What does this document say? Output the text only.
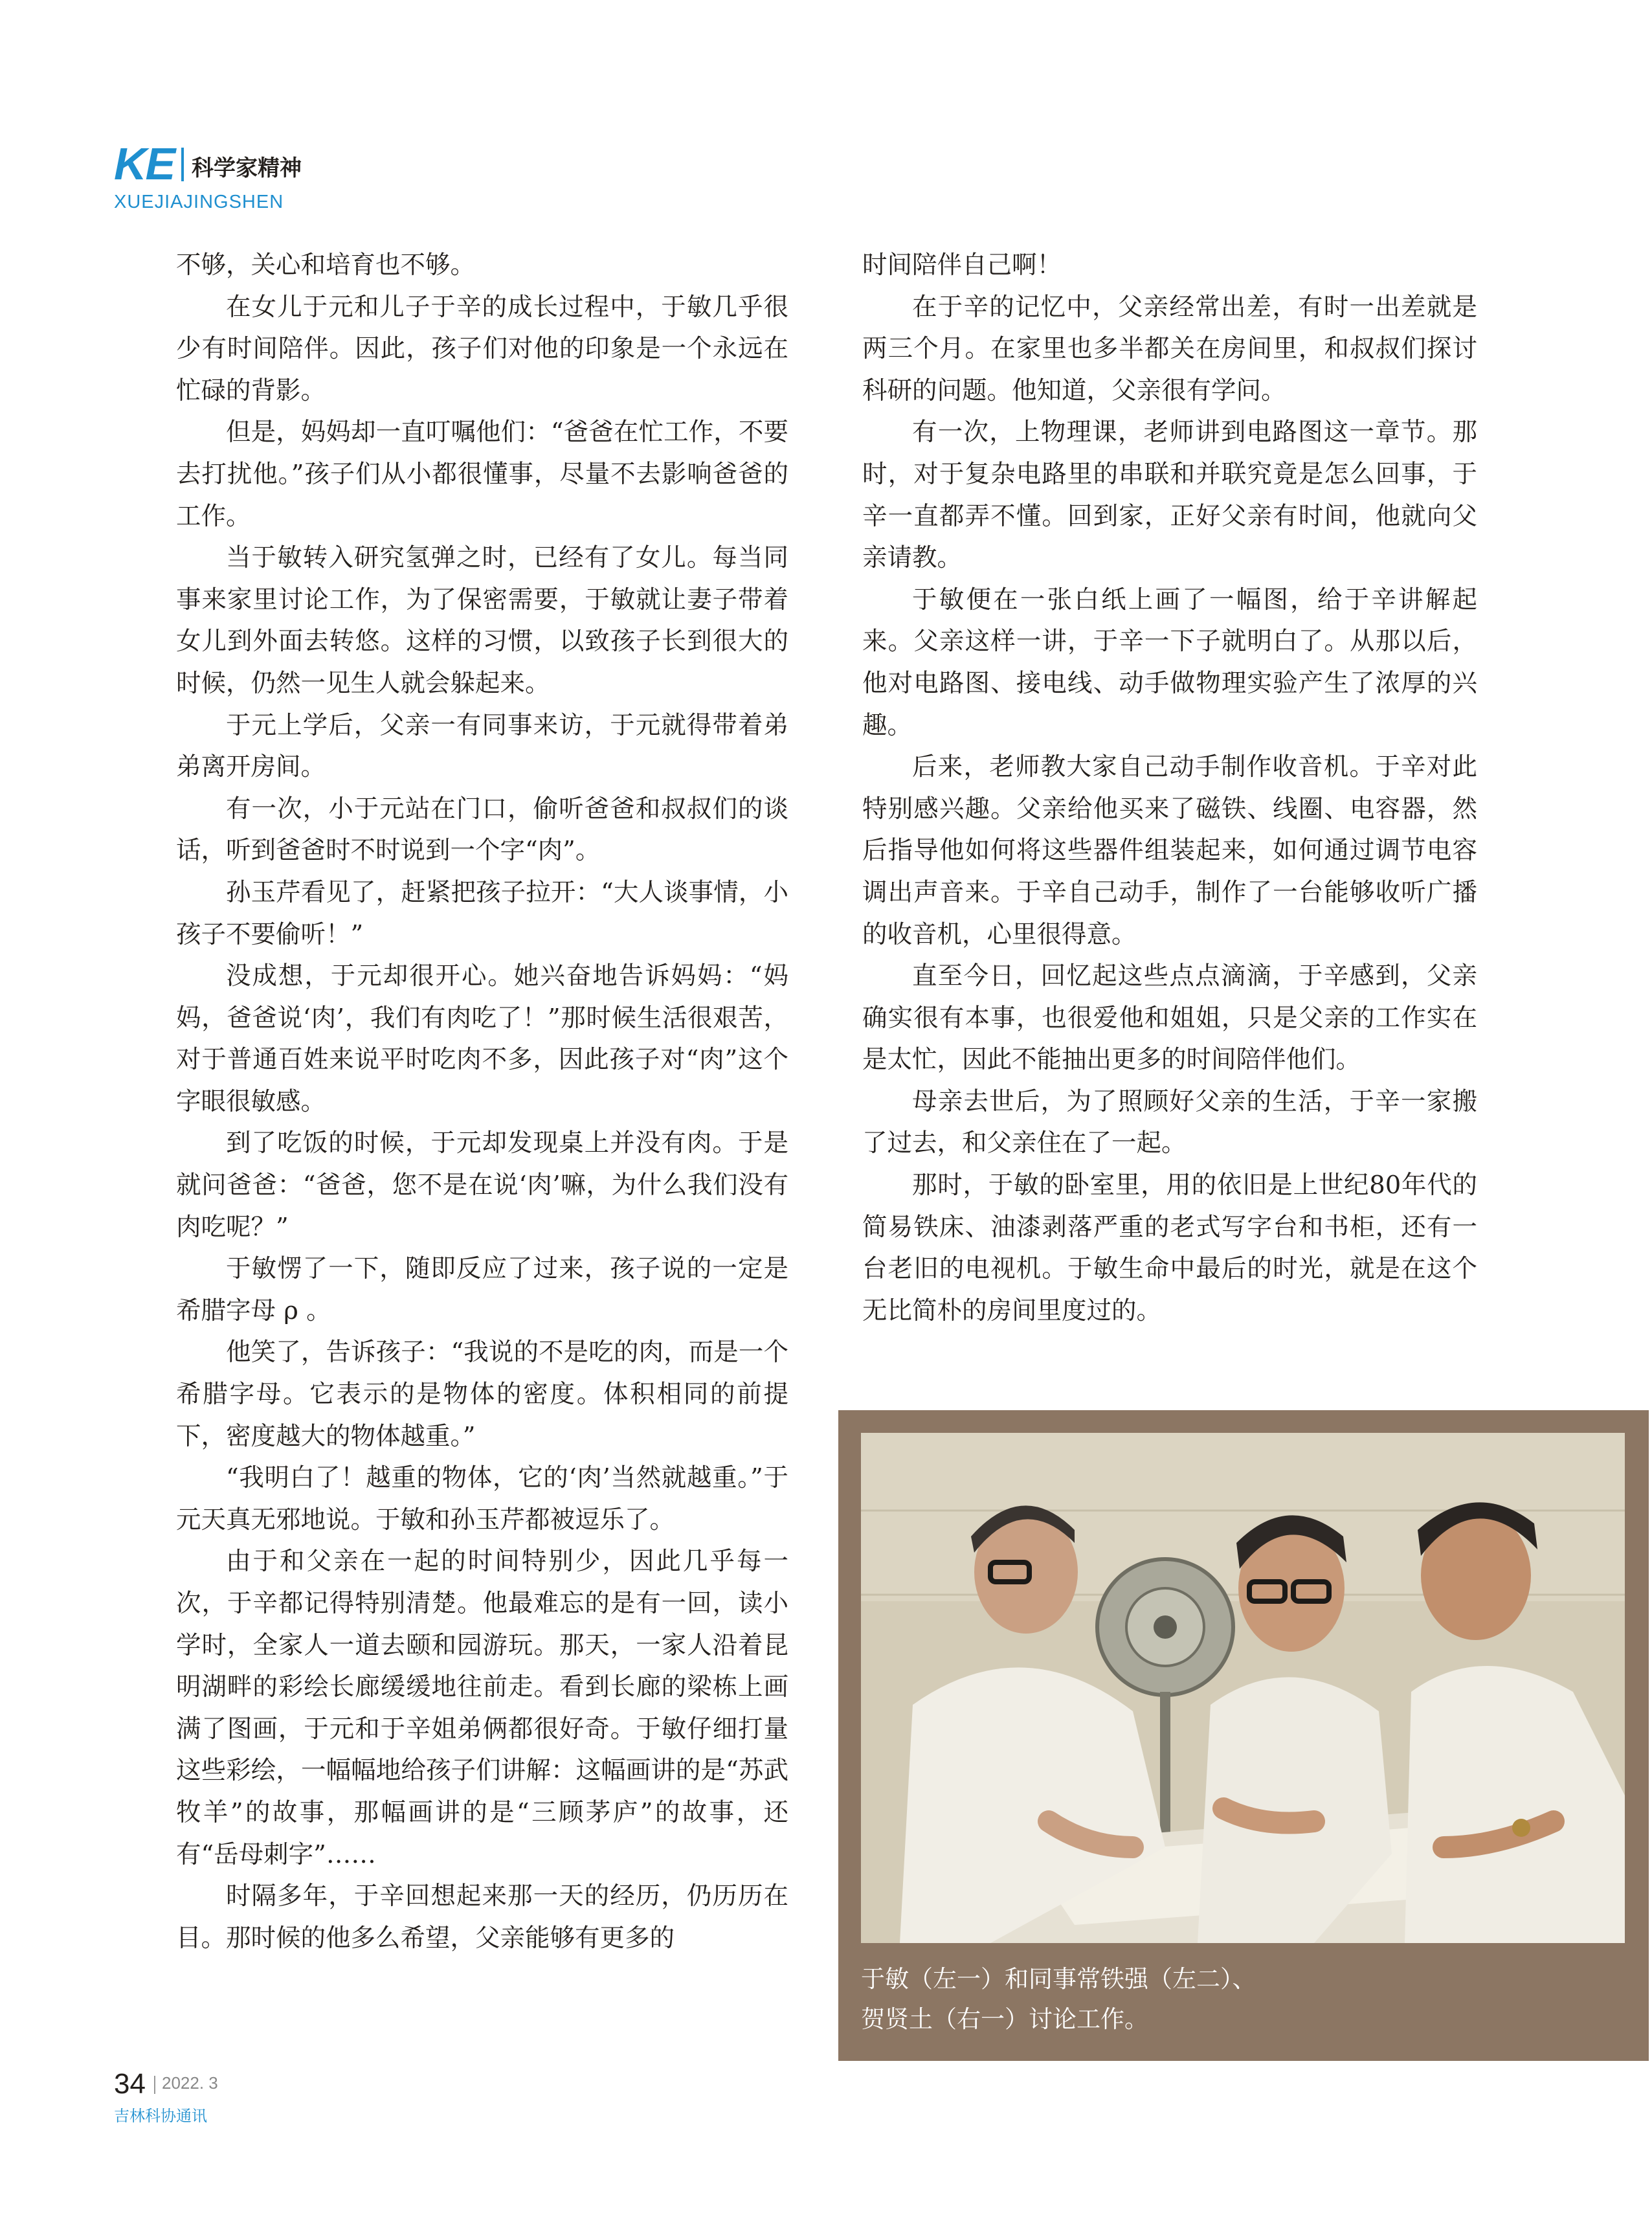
KE 科学家精神
XUEJIAJINGSHEN

不够，关心和培育也不够。

在女儿于元和儿子于辛的成长过程中，于敏几乎很少有时间陪伴。因此，孩子们对他的印象是一个永远在忙碌的背影。

但是，妈妈却一直叮嘱他们：“爸爸在忙工作，不要去打扰他。”孩子们从小都很懂事，尽量不去影响爸爸的工作。

当于敏转入研究氢弹之时，已经有了女儿。每当同事来家里讨论工作，为了保密需要，于敏就让妻子带着女儿到外面去转悠。这样的习惯，以致孩子长到很大的时候，仍然一见生人就会躲起来。

于元上学后，父亲一有同事来访，于元就得带着弟弟离开房间。

有一次，小于元站在门口，偷听爸爸和叔叔们的谈话，听到爸爸时不时说到一个字“肉”。

孙玉芹看见了，赶紧把孩子拉开：“大人谈事情，小孩子不要偷听！”

没成想，于元却很开心。她兴奋地告诉妈妈：“妈妈，爸爸说‘肉’，我们有肉吃了！”那时候生活很艰苦，对于普通百姓来说平时吃肉不多，因此孩子对“肉”这个字眼很敏感。

到了吃饭的时候，于元却发现桌上并没有肉。于是就问爸爸：“爸爸，您不是在说‘肉’嘛，为什么我们没有肉吃呢？”

于敏愣了一下，随即反应了过来，孩子说的一定是希腊字母 ρ 。

他笑了，告诉孩子：“我说的不是吃的肉，而是一个希腊字母。它表示的是物体的密度。体积相同的前提下，密度越大的物体越重。”

“我明白了！越重的物体，它的‘肉’当然就越重。”于元天真无邪地说。于敏和孙玉芹都被逗乐了。

由于和父亲在一起的时间特别少，因此几乎每一次，于辛都记得特别清楚。他最难忘的是有一回，读小学时，全家人一道去颐和园游玩。那天，一家人沿着昆明湖畔的彩绘长廊缓缓地往前走。看到长廊的梁栋上画满了图画，于元和于辛姐弟俩都很好奇。于敏仔细打量这些彩绘，一幅幅地给孩子们讲解：这幅画讲的是“苏武牧羊”的故事，那幅画讲的是“三顾茅庐”的故事，还有“岳母刺字”……

时隔多年，于辛回想起来那一天的经历，仍历历在目。那时候的他多么希望，父亲能够有更多的

时间陪伴自己啊！

在于辛的记忆中，父亲经常出差，有时一出差就是两三个月。在家里也多半都关在房间里，和叔叔们探讨科研的问题。他知道，父亲很有学问。

有一次，上物理课，老师讲到电路图这一章节。那时，对于复杂电路里的串联和并联究竟是怎么回事，于辛一直都弄不懂。回到家，正好父亲有时间，他就向父亲请教。

于敏便在一张白纸上画了一幅图，给于辛讲解起来。父亲这样一讲，于辛一下子就明白了。从那以后，他对电路图、接电线、动手做物理实验产生了浓厚的兴趣。

后来，老师教大家自己动手制作收音机。于辛对此特别感兴趣。父亲给他买来了磁铁、线圈、电容器，然后指导他如何将这些器件组装起来，如何通过调节电容调出声音来。于辛自己动手，制作了一台能够收听广播的收音机，心里很得意。

直至今日，回忆起这些点点滴滴，于辛感到，父亲确实很有本事，也很爱他和姐姐，只是父亲的工作实在是太忙，因此不能抽出更多的时间陪伴他们。

母亲去世后，为了照顾好父亲的生活，于辛一家搬了过去，和父亲住在了一起。

那时，于敏的卧室里，用的依旧是上世纪80年代的简易铁床、油漆剥落严重的老式写字台和书柜，还有一台老旧的电视机。于敏生命中最后的时光，就是在这个无比简朴的房间里度过的。

于敏（左一）和同事常铁强（左二）、

贺贤土（右一）讨论工作。

34 2022. 3
吉林科协通讯
